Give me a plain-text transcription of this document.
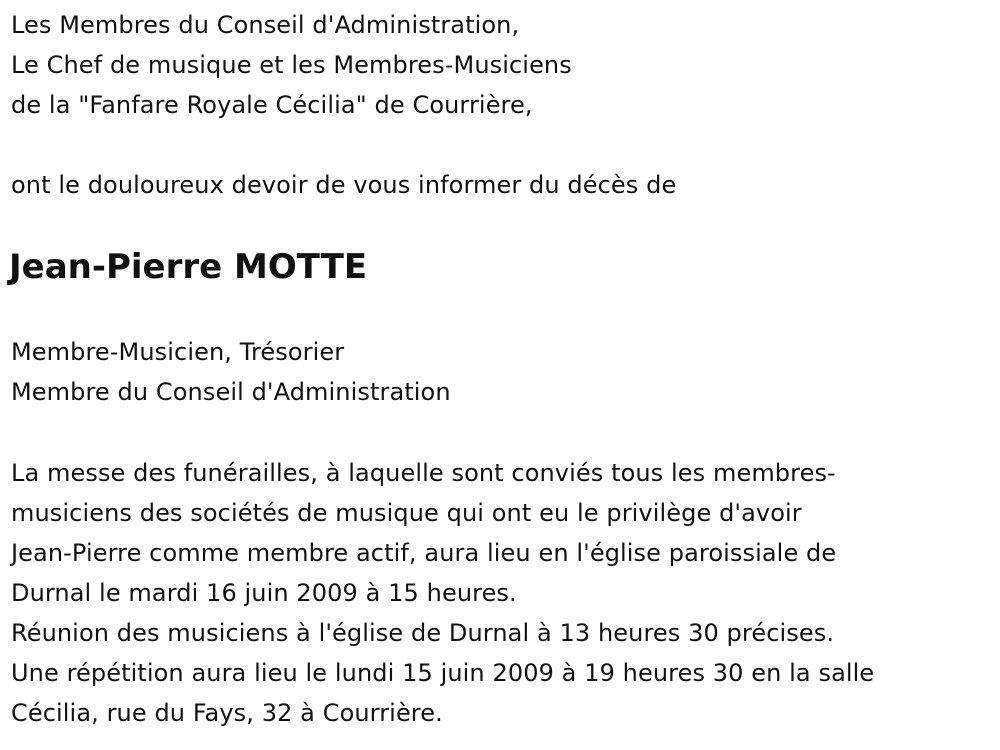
Les Membres du Conseil d'Administration,
Le Chef de musique et les Membres-Musiciens
de la "Fanfare Royale Cécilia" de Courrière,
ont le douloureux devoir de vous informer du décès de
Jean-Pierre MOTTE
Membre-Musicien, Trésorier
Membre du Conseil d'Administration
La messe des funérailles, à laquelle sont conviés tous les membres-
musiciens des sociétés de musique qui ont eu le privilège d'avoir
Jean-Pierre comme membre actif, aura lieu en l'église paroissiale de
Durnal le mardi 16 juin 2009 à 15 heures.
Réunion des musiciens à l'église de Durnal à 13 heures 30 précises.
Une répétition aura lieu le lundi 15 juin 2009 à 19 heures 30 en la salle
Cécilia, rue du Fays, 32 à Courrière.
